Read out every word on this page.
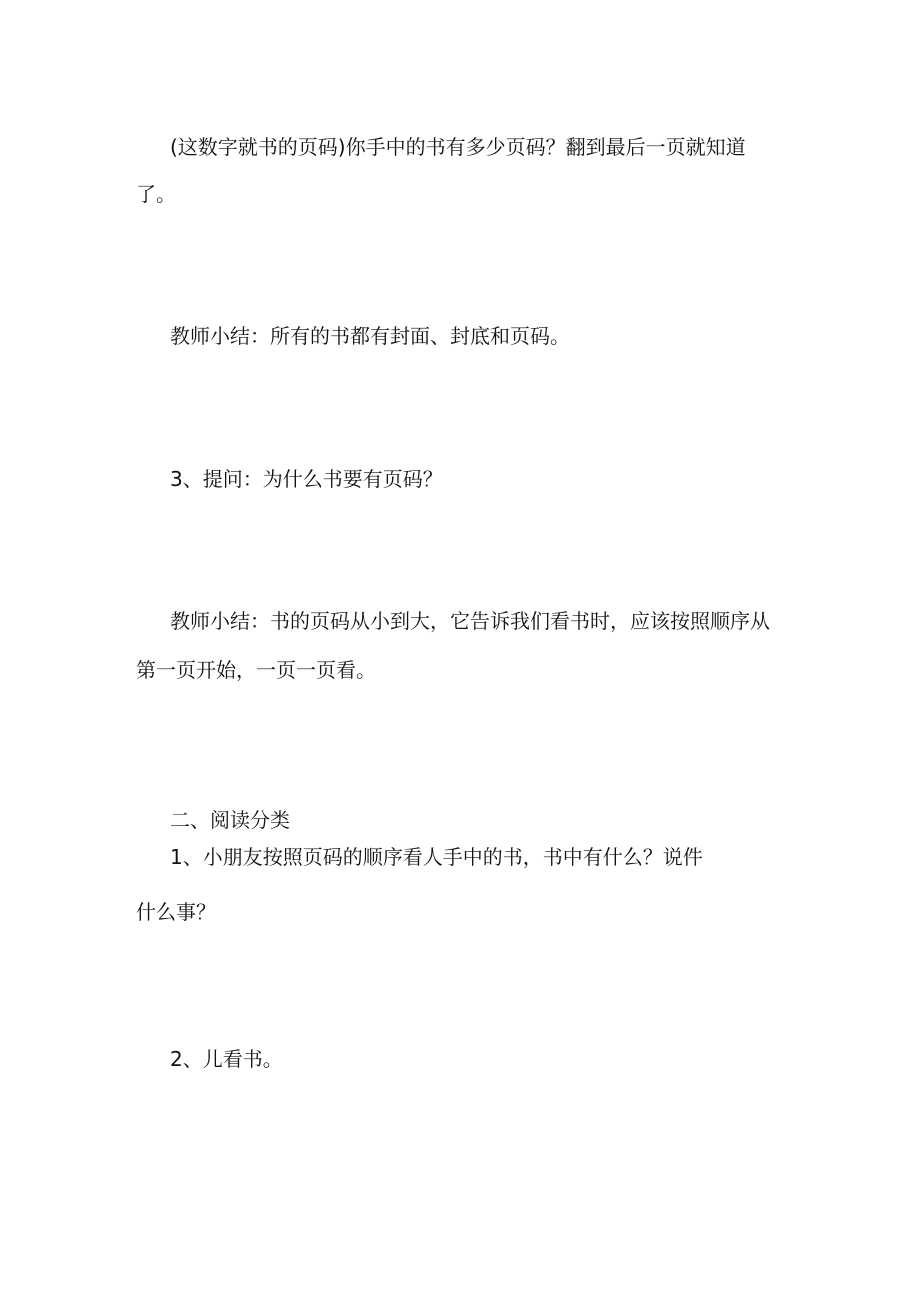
(这数字就书的页码)你手中的书有多少页码？翻到最后一页就知道
了。
教师小结：所有的书都有封面、封底和页码。
3、提问：为什么书要有页码？
教师小结：书的页码从小到大，它告诉我们看书时，应该按照顺序从
第一页开始，一页一页看。
二、阅读分类
1、小朋友按照页码的顺序看人手中的书，书中有什么？说件
什么事？
2、儿看书。
